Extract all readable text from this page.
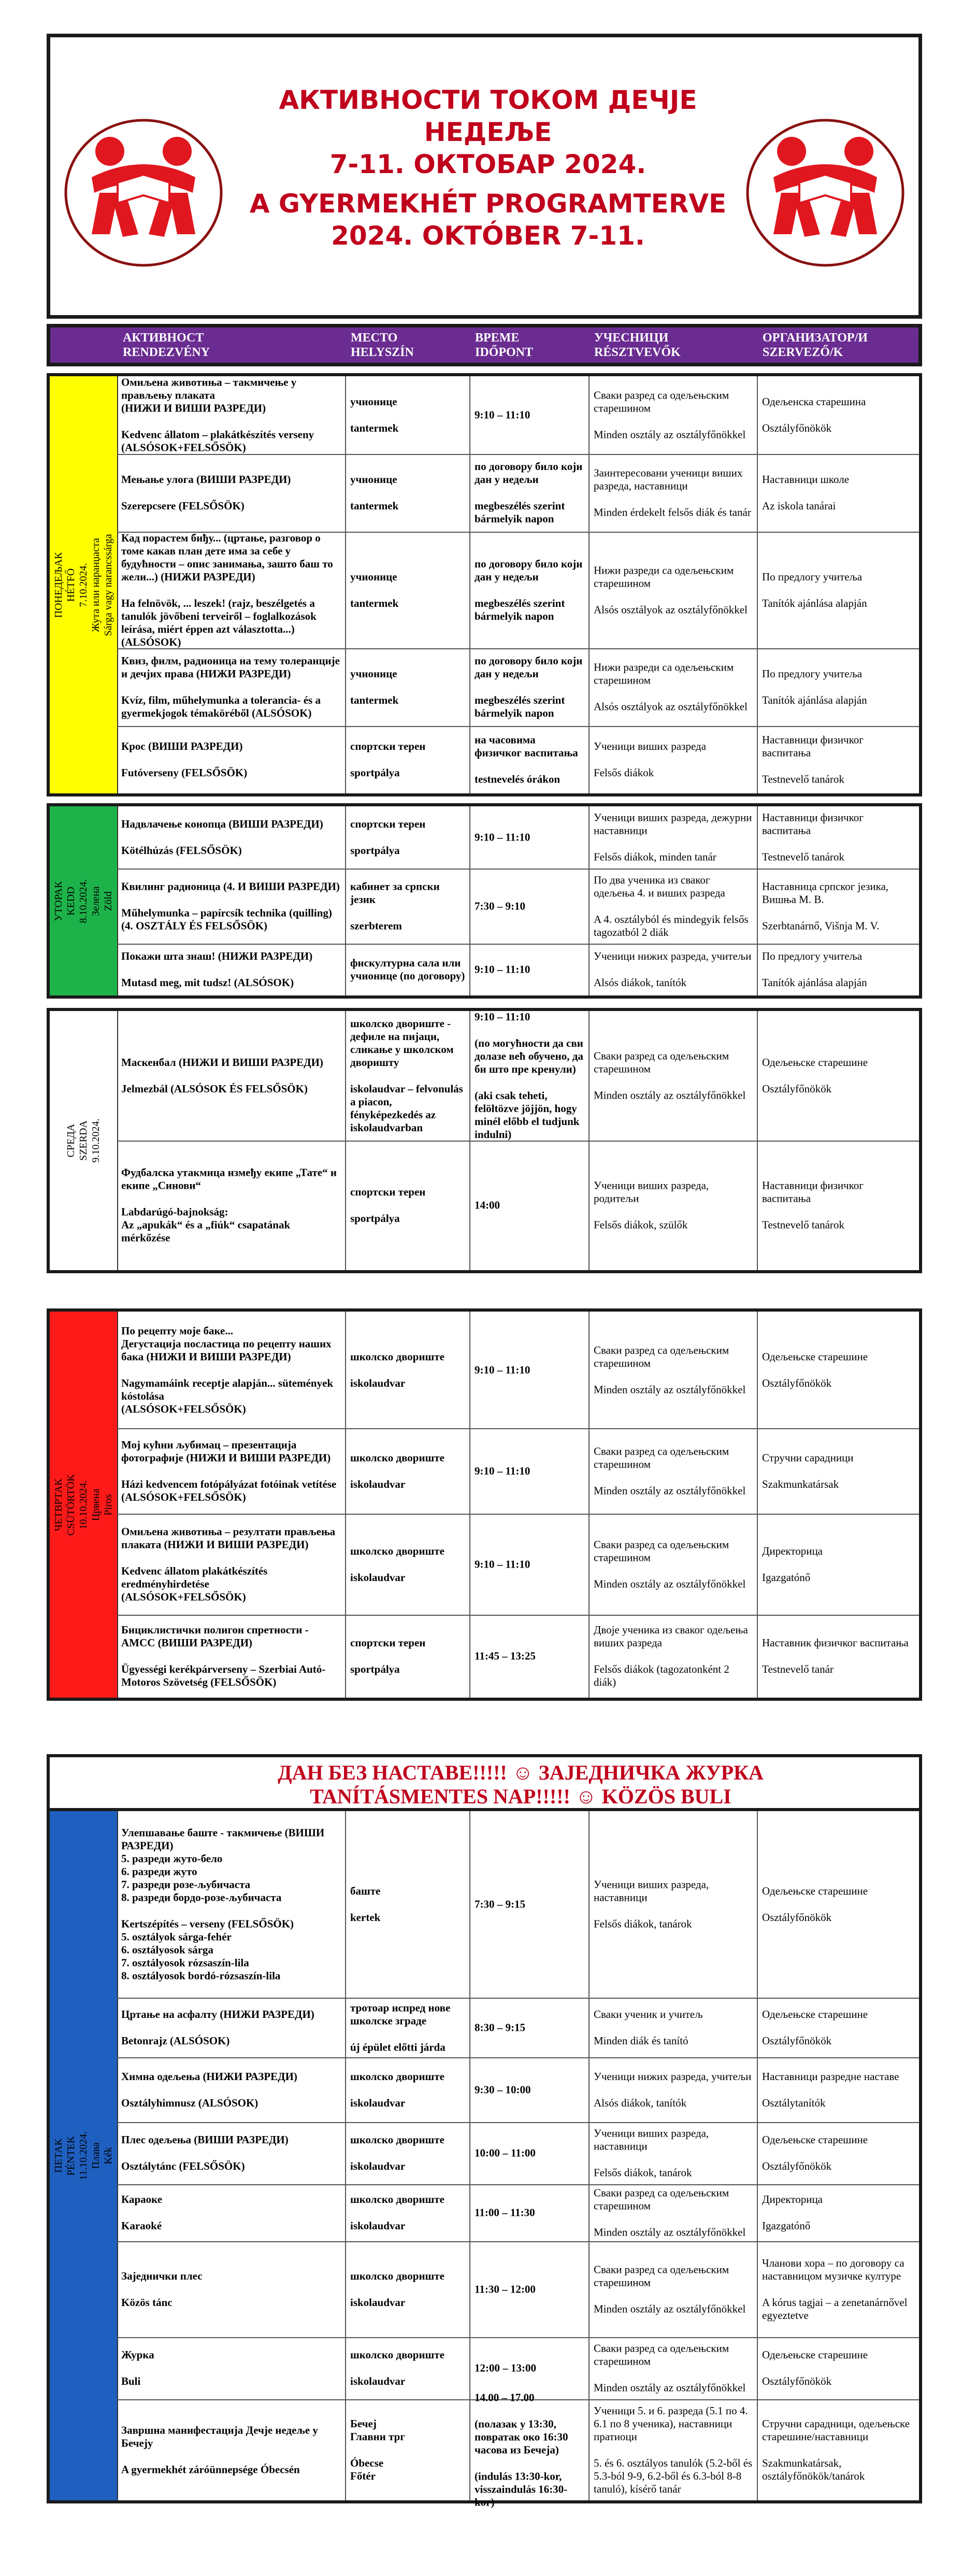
АКТИВНОСТИ ТОКОМ ДЕЧЈЕ НЕДЕЉЕ
7-11. ОКТОБАР 2024.
A GYERMEKHÉT PROGRAMTERVE
2024. OKTÓBER 7-11.
АКТИВНОСТ
RENDEZVÉNY
МЕСТО
HELYSZÍN
ВРЕМЕ
IDŐPONT
УЧЕСНИЦИ
RÉSZTVEVŐK
ОРГАНИЗАТОР/И
SZERVEZŐ/K
ПОНЕДЕЉАК
HÉTFŐ
7.10.2024.
Жута или наранџаста
Sárga vagy narancssárga
Омиљена животиња – такмичење у прављењу плаката
(НИЖИ И ВИШИ РАЗРЕДИ)
Kedvenc állatom – plakátkészítés verseny
(ALSÓSOK+FELSŐSÖK)
учионице
tantermek
9:10 – 11:10
Сваки разред са одељењским старешином
Minden osztály az osztályfőnökkel
Одељенска старешина
Osztályfőnökök
Мењање улога (ВИШИ РАЗРЕДИ)
Szerepcsere (FELSŐSÖK)
учионице
tantermek
по договору било који дан у недељи
megbeszélés szerint bármelyik napon
Заинтересовани ученици виших разреда, наставници
Minden érdekelt felsős diák és tanár
Наставници школе
Az iskola tanárai
Кад порастем биђу... (цртање, разговор о томе какав план дете има за себе у будућности – опис занимања, зашто баш то жели...) (НИЖИ РАЗРЕДИ)
Ha felnövök, ... leszek! (rajz, beszélgetés a tanulók jövőbeni terveiről – foglalkozások leírása, miért éppen azt választotta...)
(ALSÓSOK)
учионице
tantermek
по договору било који дан у недељи
megbeszélés szerint bármelyik napon
Нижи разреди са одељењским старешином
Alsós osztályok az osztályfőnökkel
По предлогу учитеља
Tanítók ajánlása alapján
Квиз, филм, радионица на тему толеранције и дечјих права (НИЖИ РАЗРЕДИ)
Kvíz, film, műhelymunka a tolerancia- és a gyermekjogok témaköréből (ALSÓSOK)
учионице
tantermek
по договору било који дан у недељи
megbeszélés szerint bármelyik napon
Нижи разреди са одељењским старешином
Alsós osztályok az osztályfőnökkel
По предлогу учитеља
Tanítók ajánlása alapján
Крос (ВИШИ РАЗРЕДИ)
Futóverseny (FELSŐSÖK)
спортски терен
sportpálya
на часовима физичког васпитања
testnevelés órákon
Ученици виших разреда
Felsős diákok
Наставници физичког васпитања
Testnevelő tanárok
УТОРАК
KEDD
8.10.2024.
Зелена
Zöld
Надвлачење конопца (ВИШИ РАЗРЕДИ)
Kötélhúzás (FELSŐSÖK)
спортски терен
sportpálya
9:10 – 11:10
Ученици виших разреда, дежурни наставници
Felsős diákok, minden tanár
Наставници физичког васпитања
Testnevelő tanárok
Квилинг радионица (4. И ВИШИ РАЗРЕДИ)
Műhelymunka – papírcsík technika (quilling) (4. OSZTÁLY ÉS FELSŐSÖK)
кабинет за српски језик
szerbterem
7:30 – 9:10
По два ученика из сваког одељења 4. и виших разреда
A 4. osztályból és mindegyik felsős tagozatból 2 diák
Наставница српског језика, Вишња М. В.
Szerbtanárnő, Višnja M. V.
Покажи шта знаш! (НИЖИ РАЗРЕДИ)
Mutasd meg, mit tudsz! (ALSÓSOK)
фискултурна сала или учионице (по договору)
9:10 – 11:10
Ученици нижих разреда, учитељи
Alsós diákok, tanítók
По предлогу учитеља
Tanítók ajánlása alapján
СРЕДА
SZERDA
9.10.2024.
Маскенбал (НИЖИ И ВИШИ РАЗРЕДИ)
Jelmezbál (ALSÓSOK ÉS FELSŐSÖK)
школско двориште - дефиле на пијаци, сликање у школском дворишту
iskolaudvar – felvonulás a piacon, fényképezkedés az iskolaudvarban
9:10 – 11:10
(по могућности да сви долазе већ обучено, да би што пре кренули)
(aki csak teheti, felöltözve jöjjön, hogy minél előbb el tudjunk indulni)
Сваки разред са одељењским старешином
Minden osztály az osztályfőnökkel
Одељењске старешине
Osztályfőnökök
Фудбалска утакмица између екипе „Тате“ и екипе „Синови“
Labdarúgó-bajnokság:
Az „apukák“ és a „fiúk“ csapatának mérkőzése
спортски терен
sportpálya
14:00
Ученици виших разреда, родитељи
Felsős diákok, szülők
Наставници физичког васпитања
Testnevelő tanárok
ЧЕТВРТАК
CSÜTÖRTÖK
10.10.2024.
Црвена
Piros
По рецепту моје баке...
Дегустација посластица по рецепту наших бака (НИЖИ И ВИШИ РАЗРЕДИ)
Nagymamáink receptje alapján... sütemények kóstolása
(ALSÓSOK+FELSŐSÖK)
школско двориште
iskolaudvar
9:10 – 11:10
Сваки разред са одељењским старешином
Minden osztály az osztályfőnökkel
Одељењске старешине
Osztályfőnökök
Мој кућни љубимац – презентација фотографије (НИЖИ И ВИШИ РАЗРЕДИ)
Házi kedvencem fotópályázat fotóinak vetítése (ALSÓSOK+FELSŐSÖK)
школско двориште
iskolaudvar
9:10 – 11:10
Сваки разред са одељењским старешином
Minden osztály az osztályfőnökkel
Стручни сарадници
Szakmunkatársak
Омиљена животиња – резултати прављења плаката (НИЖИ И ВИШИ РАЗРЕДИ)
Kedvenc állatom plakátkészítés eredményhirdetése
(ALSÓSOK+FELSŐSÖK)
школско двориште
iskolaudvar
9:10 – 11:10
Сваки разред са одељењским старешином
Minden osztály az osztályfőnökkel
Директорица
Igazgatónő
Бициклистички полигон спретности - АМСС (ВИШИ РАЗРЕДИ)
Ügyességi kerékpárverseny – Szerbiai Autó-Motoros Szövetség (FELSŐSÖK)
спортски терен
sportpálya
11:45 – 13:25
Двоје ученика из сваког одељења виших разреда
Felsős diákok (tagozatonként 2 diák)
Наставник физичког васпитања
Testnevelő tanár
ДАН БЕЗ НАСТАВЕ!!!!! ☺ ЗАЈЕДНИЧКА ЖУРКА
TANÍTÁSMENTES NAP!!!!! ☺ KÖZÖS BULI
ПЕТАК
PÉNTEK
11.10.2024.
Плава
Kék
Улепшавање баште - такмичење (ВИШИ РАЗРЕДИ)
5. разреди жуто-бело
6. разреди жуто
7. разреди розе-љубичаста
8. разреди бордо-розе-љубичаста
Kertszépítés – verseny (FELSŐSÖK)
5. osztályok sárga-fehér
6. osztályosok sárga
7. osztályosok rózsaszín-lila
8. osztályosok bordó-rózsaszín-lila
баште
kertek
7:30 – 9:15
Ученици виших разреда, наставници
Felsős diákok, tanárok
Одељењске старешине
Osztályfőnökök
Цртање на асфалту (НИЖИ РАЗРЕДИ)
Betonrajz (ALSÓSOK)
тротоар испред нове школске зграде
új épület előtti járda
8:30 – 9:15
Сваки ученик и учитељ
Minden diák és tanító
Одељењске старешине
Osztályfőnökök
Химна одељења (НИЖИ РАЗРЕДИ)
Osztályhimnusz (ALSÓSOK)
школско двориште
iskolaudvar
9:30 – 10:00
Ученици нижих разреда, учитељи
Alsós diákok, tanítók
Наставници разредне наставе
Osztálytanítók
Плес одељења (ВИШИ РАЗРЕДИ)
Osztálytánc (FELSŐSÖK)
школско двориште
iskolaudvar
10:00 – 11:00
Ученици виших разреда, наставници
Felsős diákok, tanárok
Одељењске старешине
Osztályfőnökök
Караоке
Karaoké
школско двориште
iskolaudvar
11:00 – 11:30
Сваки разред са одељењским старешином
Minden osztály az osztályfőnökkel
Директорица
Igazgatónő
Заједнички плес
Közös tánc
школско двориште
iskolaudvar
11:30 – 12:00
Сваки разред са одељењским старешином
Minden osztály az osztályfőnökkel
Чланови хора – по договору са наставницом музичке културе
A kórus tagjai – a zenetanárnővel egyeztetve
Журка
Buli
школско двориште
iskolaudvar
12:00 – 13:00
Сваки разред са одељењским старешином
Minden osztály az osztályfőnökkel
Одељењске старешине
Osztályfőnökök
Завршна манифестација Дечје недеље у Бечеју
A gyermekhét záróünnepsége Óbecsén
Бечеј
Главни трг
Óbecse
Főtér
14.00 – 17.00
(полазак у 13:30, повратак око 16:30 часова из Бечеја)
(indulás 13:30-kor, visszaindulás 16:30-kor)
Ученици 5. и 6. разреда (5.1 по 4. 6.1 по 8 ученика), наставници пратиоци
5. és 6. osztályos tanulók (5.2-ből és 5.3-ból 9-9, 6.2-ből és 6.3-ból 8-8 tanuló), kísérő tanár
Стручни сарадници, одељењске старешине/наставници
Szakmunkatársak, osztályfőnökök/tanárok
